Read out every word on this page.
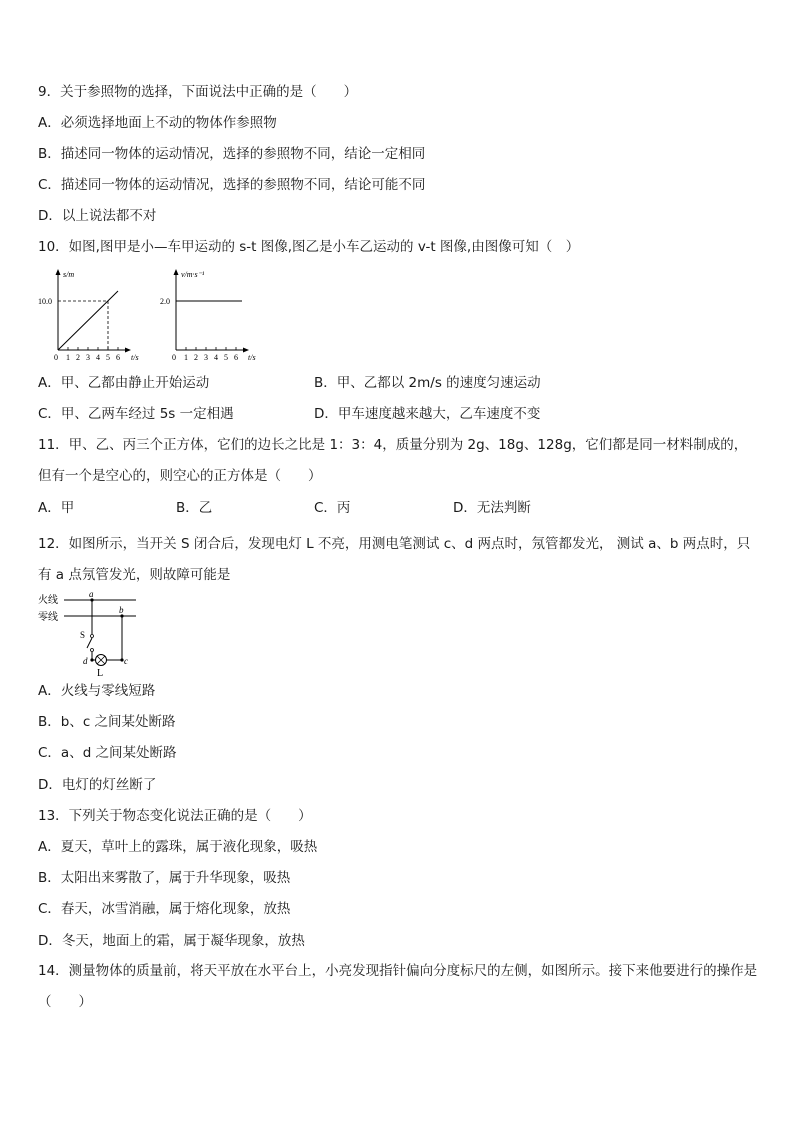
9．关于参照物的选择，下面说法中正确的是（　　）
A．必须选择地面上不动的物体作参照物
B．描述同一物体的运动情况，选择的参照物不同，结论一定相同
C．描述同一物体的运动情况，选择的参照物不同，结论可能不同
D．以上说法都不对
10．如图,图甲是小—车甲运动的 s-t 图像,图乙是小车乙运动的 v-t 图像,由图像可知（　）
s/m
10.0
0 1 2 3 4 5 6 t/s
v/m·s⁻¹
2.0
0 1 2 3 4 5 6 t/s
A．甲、乙都由静止开始运动	B．甲、乙都以 2m/s 的速度匀速运动
C．甲、乙两车经过 5s 一定相遇	D．甲车速度越来越大，乙车速度不变
11．甲、乙、丙三个正方体，它们的边长之比是 1：3：4，质量分别为 2g、18g、128g，它们都是同一材料制成的，但有一个是空心的，则空心的正方体是（　　）
A．甲	B．乙	C．丙	D．无法判断
12．如图所示，当开关 S 闭合后，发现电灯 L 不亮，用测电笔测试 c、d 两点时，氖管都发光， 测试 a、b 两点时，只有 a 点氖管发光，则故障可能是
火线
零线
a
S
d
L
c
b
A．火线与零线短路
B．b、c 之间某处断路
C．a、d 之间某处断路
D．电灯的灯丝断了
13．下列关于物态变化说法正确的是（　　）
A．夏天，草叶上的露珠，属于液化现象，吸热
B．太阳出来雾散了，属于升华现象，吸热
C．春天，冰雪消融，属于熔化现象，放热
D．冬天，地面上的霜，属于凝华现象，放热
14．测量物体的质量前，将天平放在水平台上，小亮发现指针偏向分度标尺的左侧，如图所示。接下来他要进行的操作是（　　）
